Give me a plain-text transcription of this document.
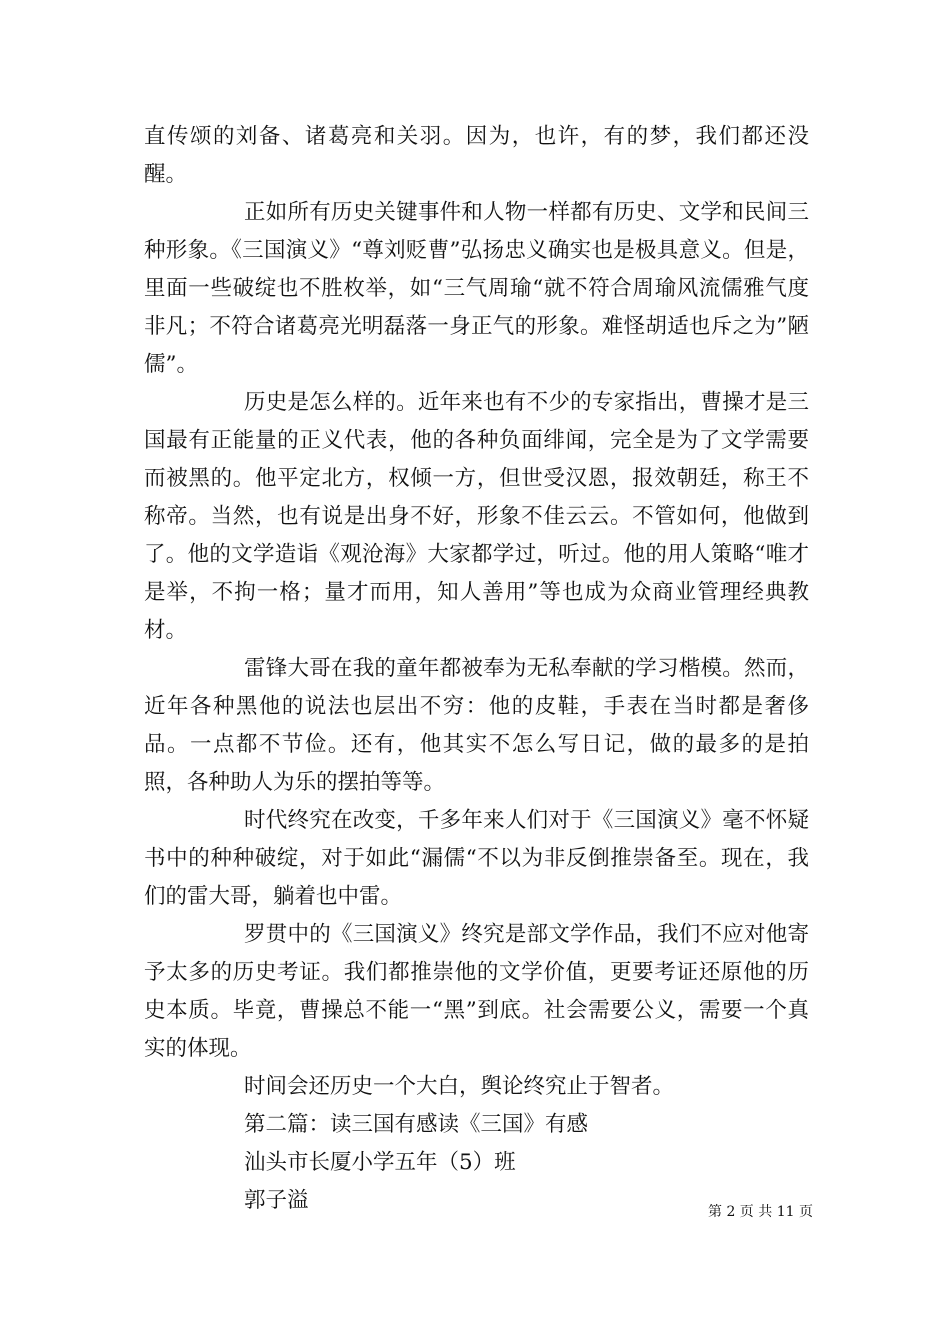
直传颂的刘备、诸葛亮和关羽。因为，也许，有的梦，我们都还没醒。

正如所有历史关键事件和人物一样都有历史、文学和民间三种形象。《三国演义》“尊刘贬曹”弘扬忠义确实也是极具意义。但是，里面一些破绽也不胜枚举，如“三气周瑜“就不符合周瑜风流儒雅气度非凡；不符合诸葛亮光明磊落一身正气的形象。难怪胡适也斥之为”陋儒”。

历史是怎么样的。近年来也有不少的专家指出，曹操才是三国最有正能量的正义代表，他的各种负面绯闻，完全是为了文学需要而被黑的。他平定北方，权倾一方，但世受汉恩，报效朝廷，称王不称帝。当然，也有说是出身不好，形象不佳云云。不管如何，他做到了。他的文学造诣《观沧海》大家都学过，听过。他的用人策略“唯才是举，不拘一格；量才而用，知人善用”等也成为众商业管理经典教材。

雷锋大哥在我的童年都被奉为无私奉献的学习楷模。然而，近年各种黑他的说法也层出不穷：他的皮鞋，手表在当时都是奢侈品。一点都不节俭。还有，他其实不怎么写日记，做的最多的是拍照，各种助人为乐的摆拍等等。

时代终究在改变，千多年来人们对于《三国演义》毫不怀疑书中的种种破绽，对于如此“漏儒“不以为非反倒推崇备至。现在，我们的雷大哥，躺着也中雷。

罗贯中的《三国演义》终究是部文学作品，我们不应对他寄予太多的历史考证。我们都推崇他的文学价值，更要考证还原他的历史本质。毕竟，曹操总不能一“黑”到底。社会需要公义，需要一个真实的体现。

时间会还历史一个大白，舆论终究止于智者。

第二篇：读三国有感读《三国》有感

汕头市长厦小学五年（5）班

郭子溢	第 2 页 共 11 页
